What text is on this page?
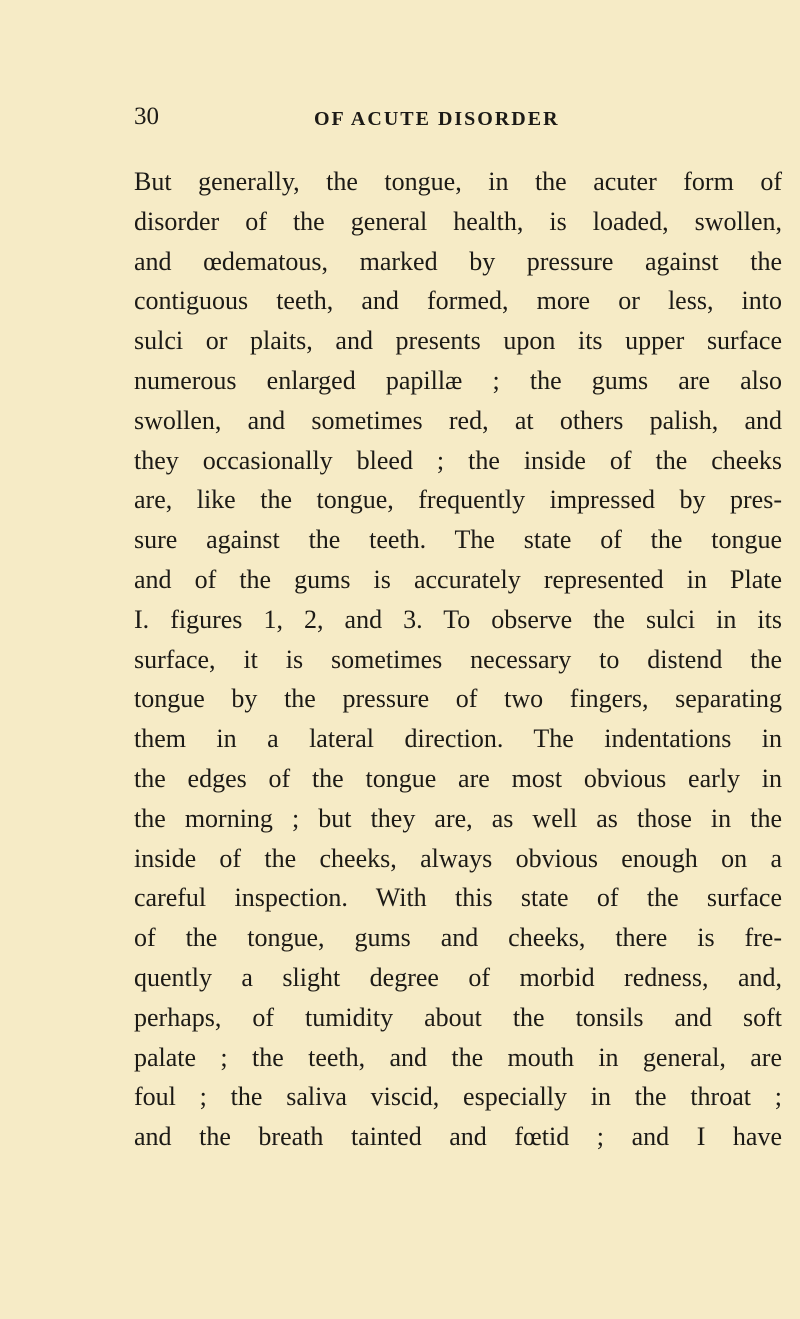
30	OF ACUTE DISORDER
But generally, the tongue, in the acuter form of
disorder of the general health, is loaded, swollen,
and œdematous, marked by pressure against the
contiguous teeth, and formed, more or less, into
sulci or plaits, and presents upon its upper surface
numerous enlarged papillæ ; the gums are also
swollen, and sometimes red, at others palish, and
they occasionally bleed ; the inside of the cheeks
are, like the tongue, frequently impressed by pres-
sure against the teeth. The state of the tongue
and of the gums is accurately represented in Plate
I. figures 1, 2, and 3. To observe the sulci in its
surface, it is sometimes necessary to distend the
tongue by the pressure of two fingers, separating
them in a lateral direction. The indentations in
the edges of the tongue are most obvious early in
the morning ; but they are, as well as those in the
inside of the cheeks, always obvious enough on a
careful inspection. With this state of the surface
of the tongue, gums and cheeks, there is fre-
quently a slight degree of morbid redness, and,
perhaps, of tumidity about the tonsils and soft
palate ; the teeth, and the mouth in general, are
foul ; the saliva viscid, especially in the throat ;
and the breath tainted and fœtid ; and I have
